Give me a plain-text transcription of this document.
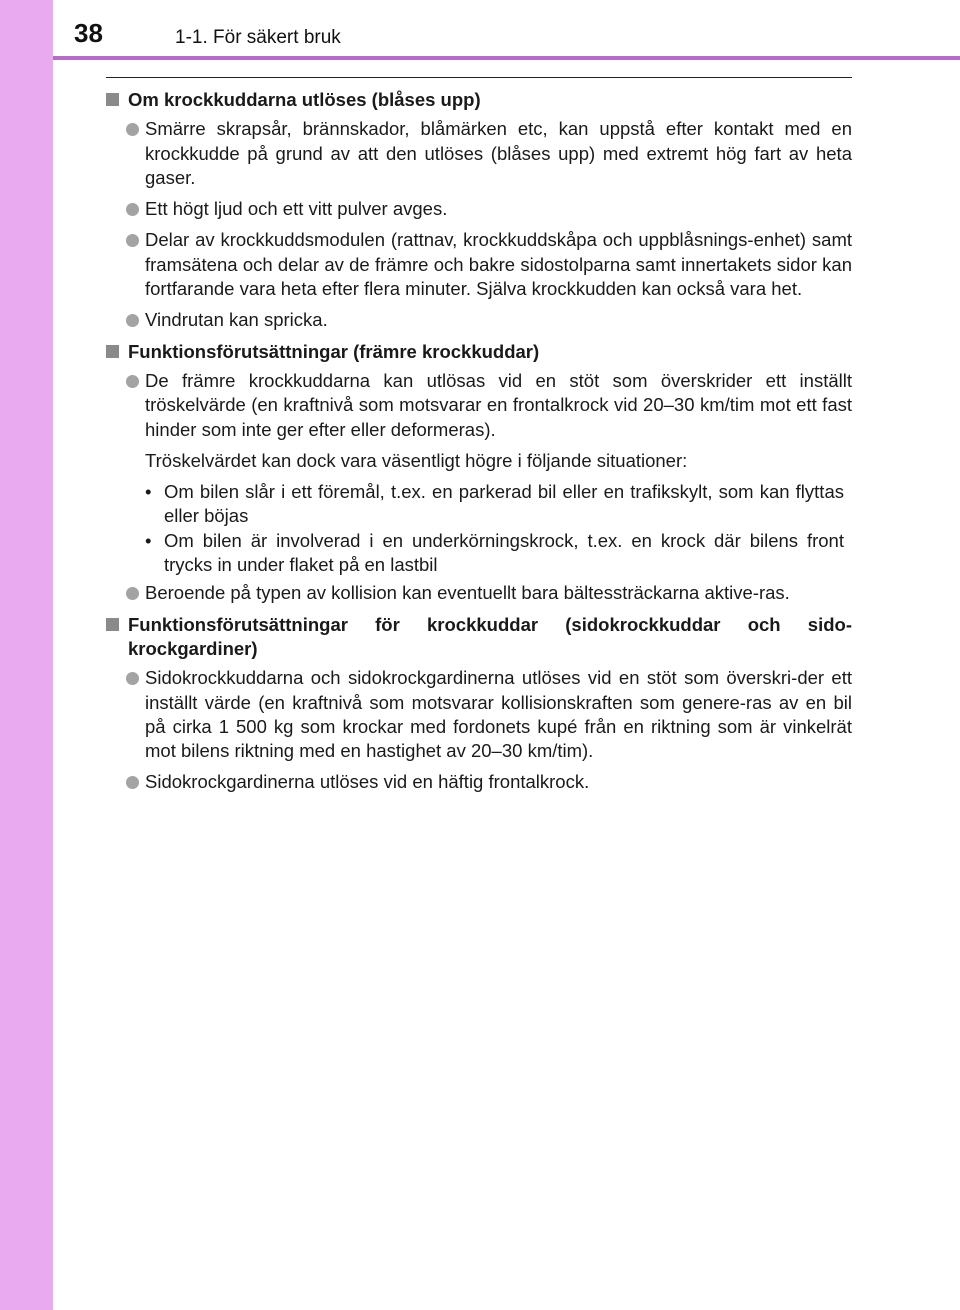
38	1-1. För säkert bruk
Om krockkuddarna utlöses (blåses upp)
Smärre skrapsår, brännskador, blåmärken etc, kan uppstå efter kontakt med en krockkudde på grund av att den utlöses (blåses upp) med extremt hög fart av heta gaser.
Ett högt ljud och ett vitt pulver avges.
Delar av krockkuddsmodulen (rattnav, krockkuddskåpa och uppblåsnings-enhet) samt framsätena och delar av de främre och bakre sidostolparna samt innertakets sidor kan fortfarande vara heta efter flera minuter. Själva krockkudden kan också vara het.
Vindrutan kan spricka.
Funktionsförutsättningar (främre krockkuddar)
De främre krockkuddarna kan utlösas vid en stöt som överskrider ett inställt tröskelvärde (en kraftnivå som motsvarar en frontalkrock vid 20–30 km/tim mot ett fast hinder som inte ger efter eller deformeras).
Tröskelvärdet kan dock vara väsentligt högre i följande situationer:
• Om bilen slår i ett föremål, t.ex. en parkerad bil eller en trafikskylt, som kan flyttas eller böjas
• Om bilen är involverad i en underkörningskrock, t.ex. en krock där bilens front trycks in under flaket på en lastbil
Beroende på typen av kollision kan eventuellt bara bältessträckarna aktive-ras.
Funktionsförutsättningar för krockkuddar (sidokrockkuddar och sido-krockgardiner)
Sidokrockkuddarna och sidokrockgardinerna utlöses vid en stöt som överskri-der ett inställt värde (en kraftnivå som motsvarar kollisionskraften som genere-ras av en bil på cirka 1 500 kg som krockar med fordonets kupé från en riktning som är vinkelrät mot bilens riktning med en hastighet av 20–30 km/tim).
Sidokrockgardinerna utlöses vid en häftig frontalkrock.
